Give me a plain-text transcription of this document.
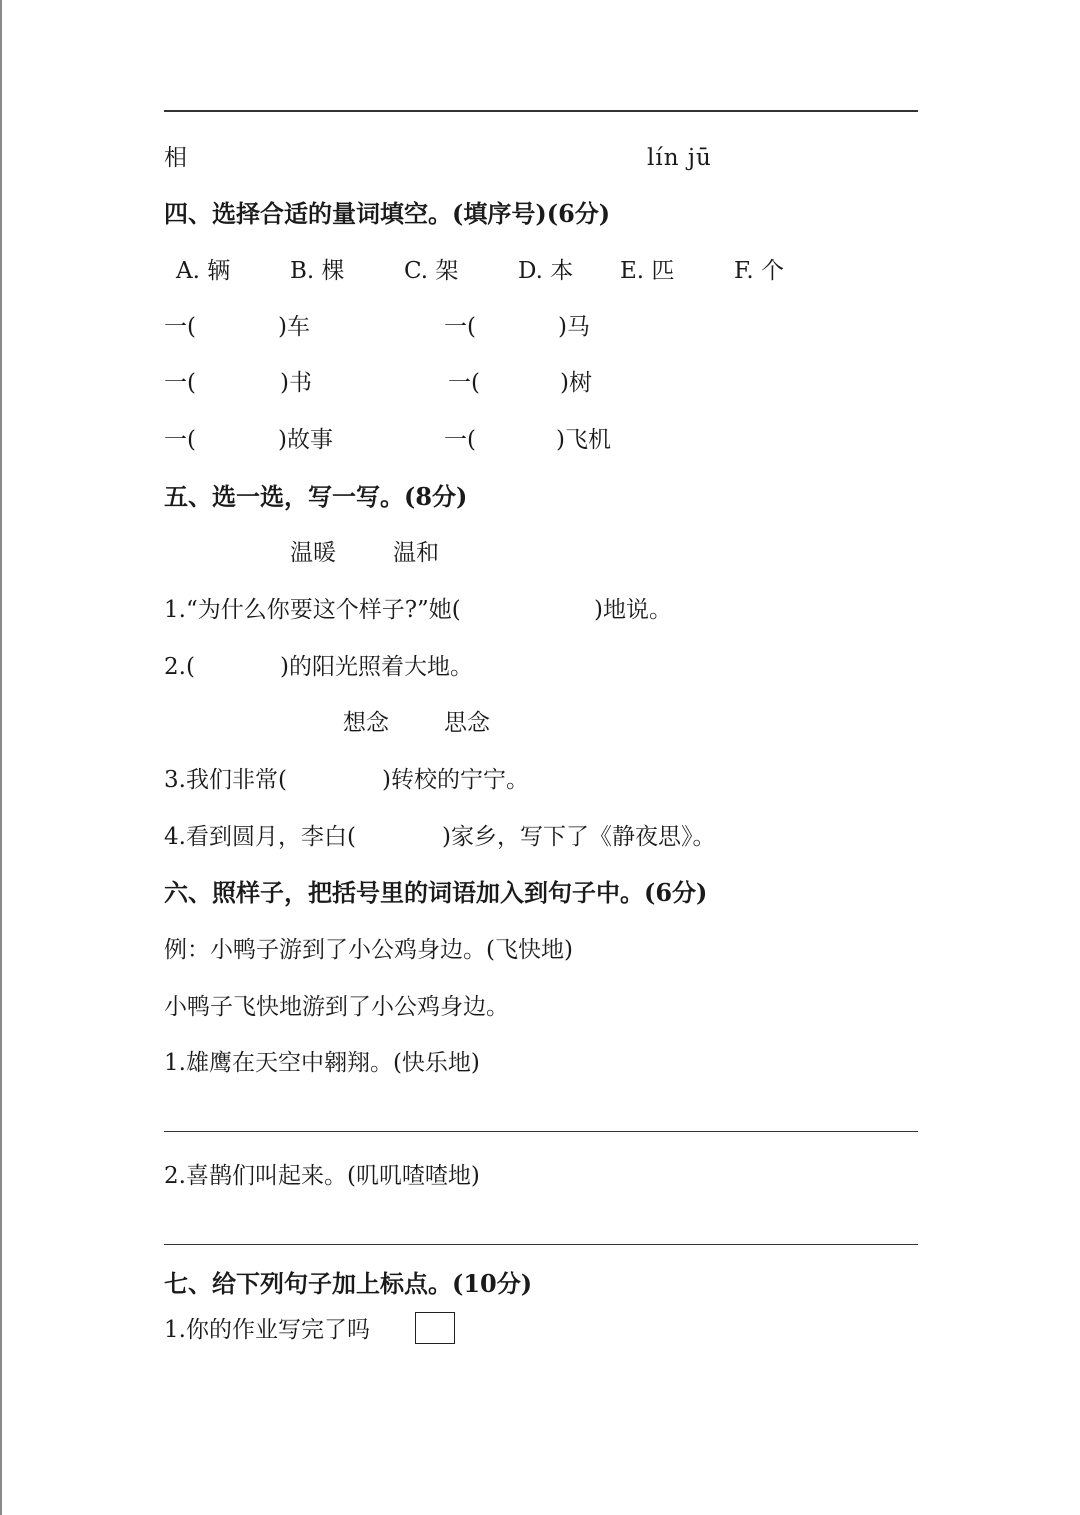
相	lín jū
四、选择合适的量词填空。(填序号)(6分)
A. 辆	B. 棵	C. 架	D. 本 E. 匹	F. 个
一(	)车	一(	)马
一(	)书	一(	)树
一(	)故事	一(	)飞机
五、选一选，写一写。(8分)
温暖 温和
1.“为什么你要这个样子?”她(	)地说。
2.(	)的阳光照着大地。
想念 思念
3.我们非常(	)转校的宁宁。
4.看到圆月，李白(	)家乡，写下了《静夜思》。
六、照样子，把括号里的词语加入到句子中。(6分)
例：小鸭子游到了小公鸡身边。(飞快地)
小鸭子飞快地游到了小公鸡身边。
1.雄鹰在天空中翱翔。(快乐地)
2.喜鹊们叫起来。(叽叽喳喳地)
七、给下列句子加上标点。(10分)
1.你的作业写完了吗
